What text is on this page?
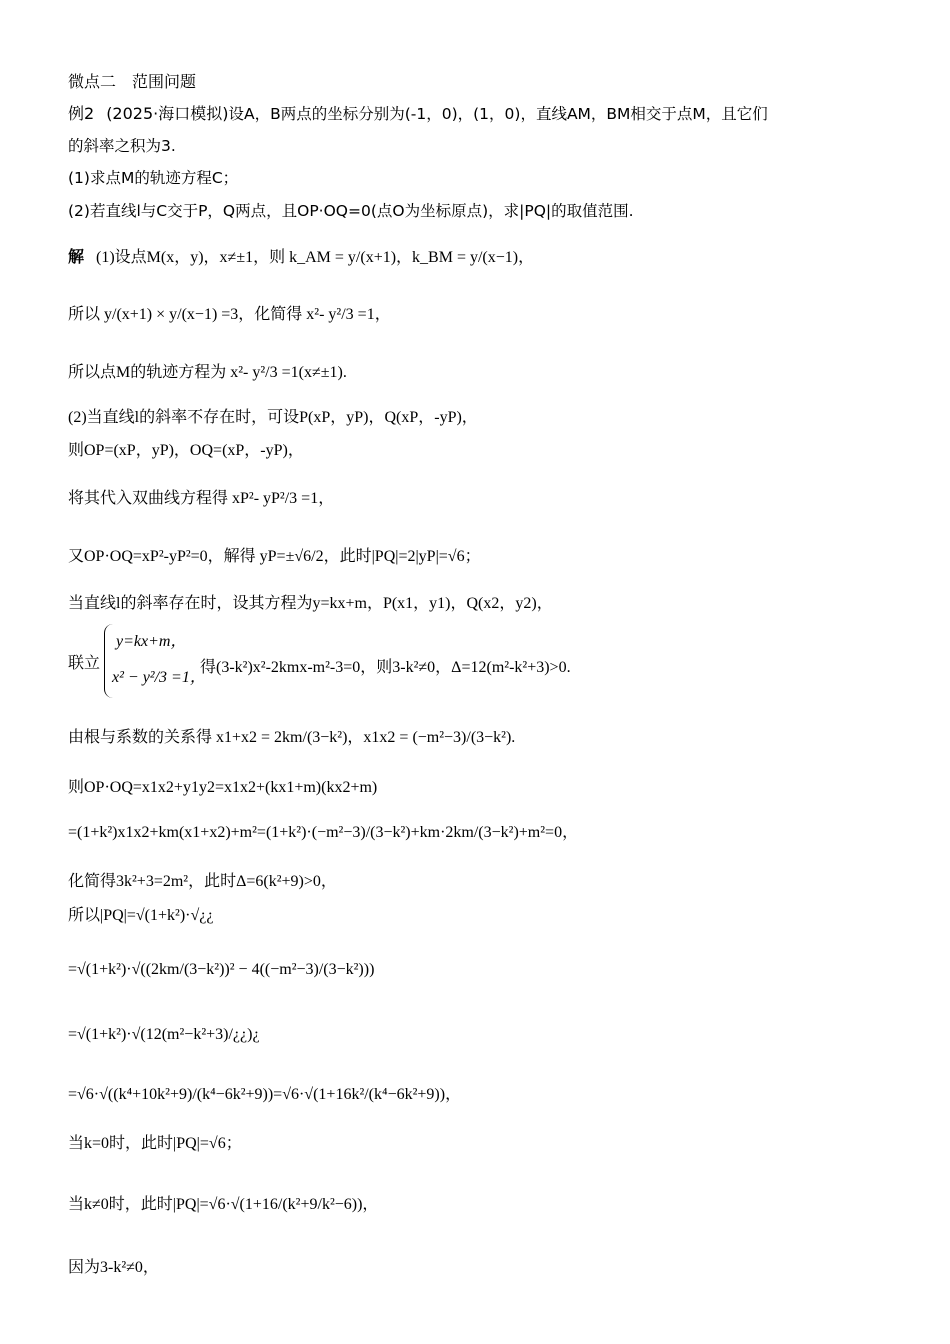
微点二　范围问题
例2 (2025·海口模拟)设A，B两点的坐标分别为(-1，0)，(1，0)，直线AM，BM相交于点M，且它们
的斜率之积为3.
(1)求点M的轨迹方程C；
(2)若直线l与C交于P，Q两点，且OP·OQ=0(点O为坐标原点)，求|PQ|的取值范围.
解 (1)设点M(x，y)，x≠±1，则 k_AM = y/(x+1)，k_BM = y/(x−1)，
所以 y/(x+1) × y/(x−1) =3，化简得 x²- y²/3 =1，
所以点M的轨迹方程为 x²- y²/3 =1(x≠±1).
(2)当直线l的斜率不存在时，可设P(xP，yP)，Q(xP，-yP)，
则OP=(xP，yP)，OQ=(xP，-yP)，
将其代入双曲线方程得 xP²- yP²/3 =1，
又OP·OQ=xP²-yP²=0，解得 yP=±√6/2，此时|PQ|=2|yP|=√6；
当直线l的斜率存在时，设其方程为y=kx+m，P(x1，y1)，Q(x2，y2)，
联立
y=kx+m，
x² − y²/3 =1，
得(3-k²)x²-2kmx-m²-3=0，则3-k²≠0，Δ=12(m²-k²+3)>0.
由根与系数的关系得 x1+x2 = 2km/(3−k²)，x1x2 = (−m²−3)/(3−k²).
则OP·OQ=x1x2+y1y2=x1x2+(kx1+m)(kx2+m)
=(1+k²)x1x2+km(x1+x2)+m²=(1+k²)·(−m²−3)/(3−k²)+km·2km/(3−k²)+m²=0，
化简得3k²+3=2m²，此时Δ=6(k²+9)>0，
所以|PQ|=√(1+k²)·√¿¿
=√(1+k²)·√((2km/(3−k²))² − 4((−m²−3)/(3−k²)))
=√(1+k²)·√(12(m²−k²+3)/¿¿)¿
=√6·√((k⁴+10k²+9)/(k⁴−6k²+9))=√6·√(1+16k²/(k⁴−6k²+9))，
当k=0时，此时|PQ|=√6；
当k≠0时，此时|PQ|=√6·√(1+16/(k²+9/k²−6))，
因为3-k²≠0，
